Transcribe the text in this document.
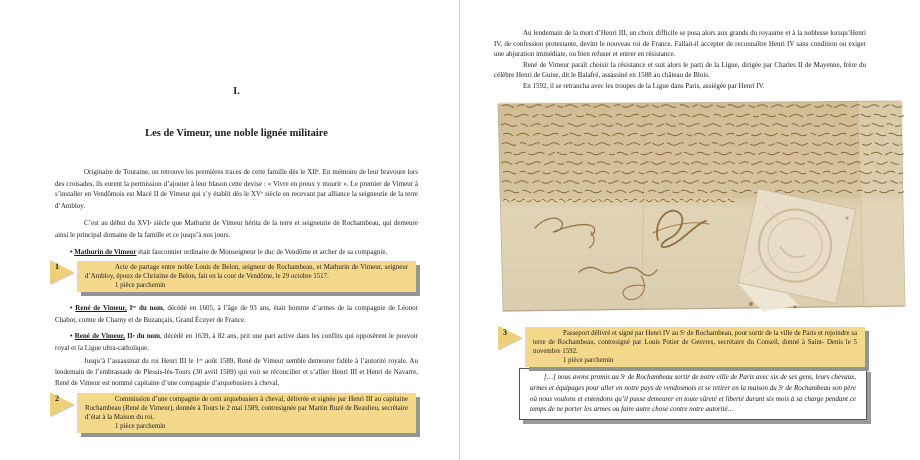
I.
Les de Vimeur, une noble lignée militaire

Originaire de Touraine, on retrouve les premières traces de cette famille dès le XIIe. En mémoire de leur bravoure lors des croisades, ils eurent la permission d’ajouter à leur blason cette devise : « Vivre en preux y mourir ». Le premier de Vimeur à s’installer en Vendômois est Macé II de Vimeur qui s’y établit dès le XVe siècle en recevant par alliance la seigneurie de la terre d’Ambloy.

C’est au début du XVIe siècle que Mathurin de Vimeur hérita de la terre et seigneurie de Rochambeau, qui demeure ainsi le principal domaine de la famille et ce jusqu’à nos jours.

• Mathurin de Vimeur était fauconnier ordinaire de Monseigneur le duc de Vendôme et archer de sa compagnie.

1	Acte de partage entre noble Louis de Belon, seigneur de Rochambeau, et Mathurin de Vimeur, seigneur d’Ambloy, époux de Christine de Belon, fait en la cour de Vendôme, le 29 octobre 1517.

1 pièce parchemin

• René de Vimeur, Ier du nom, décédé en 1605, à l’âge de 93 ans, était homme d’armes de la compagnie de Léonor Chabot, comte de Charny et de Buzançais, Grand Écuyer de France.

• René de Vimeur, IIe du nom, décédé en 1639, à 82 ans, prit une part active dans les conflits qui opposèrent le pouvoir royal et la Ligue ultra-catholique.

Jusqu’à l’assassinat du roi Henri III le 1er août 1589, René de Vimeur semble demeurer fidèle à l’autorité royale. Au lendemain de l’embrassade de Plessis-lès-Tours (30 avril 1589) qui voit se réconcilier et s’allier Henri III et Henri de Navarre, René de Vimeur est nommé capitaine d’une compagnie d’arquebusiers à cheval.

2	Commission d’une compagnie de cent arquebusiers à cheval, délivrée et signée par Henri III au capitaine Rochambeau (René de Vimeur), donnée à Tours le 2 mai 1589, contresignée par Martin Ruzé de Beaulieu, secrétaire d’état à la Maison du roi.

1 pièce parchemin

Au lendemain de la mort d’Henri III, un choix difficile se posa alors aux grands du royaume et à la noblesse lorsqu’Henri IV, de confession protestante, devint le nouveau roi de France. Fallait-il accepter de reconnaître Henri IV sans condition ou exiger une abjuration immédiate, ou bien refuser et entrer en résistance.

René de Vimeur paraît choisir la résistance et suit alors le parti de la Ligue, dirigée par Charles II de Mayenne, frère du célèbre Henri de Guise, dit le Balafré, assassiné en 1588 au château de Blois.

En 1592, il se retrancha avec les troupes de la Ligue dans Paris, assiégée par Henri IV.

3	Passeport délivré et signé par Henri IV au $S^r$ de Rochambeau, pour sortir de la ville de Paris et rejoindre sa terre de Rochambeau, contresigné par Louis Potier de Gesvres, secrétaire du Conseil, donné à Saint- Denis le 5 novembre 1592.

1 pièce parchemin

[…] nous avons promis au $S^r$ de Rochambeau sortir de notre ville de Paris avec six de ses gens, leurs chevaux, armes et équipages pour aller en notre pays de vendosmois et se retirer en la maison du $S^r$ de Rochambeau son père où nous voulons et entendons qu’il pusse demeurer en toute sûreté et liberté durant six mois à sa charge pendant ce temps de ne porter les armes ou faire autre chose contre notre autorité…
